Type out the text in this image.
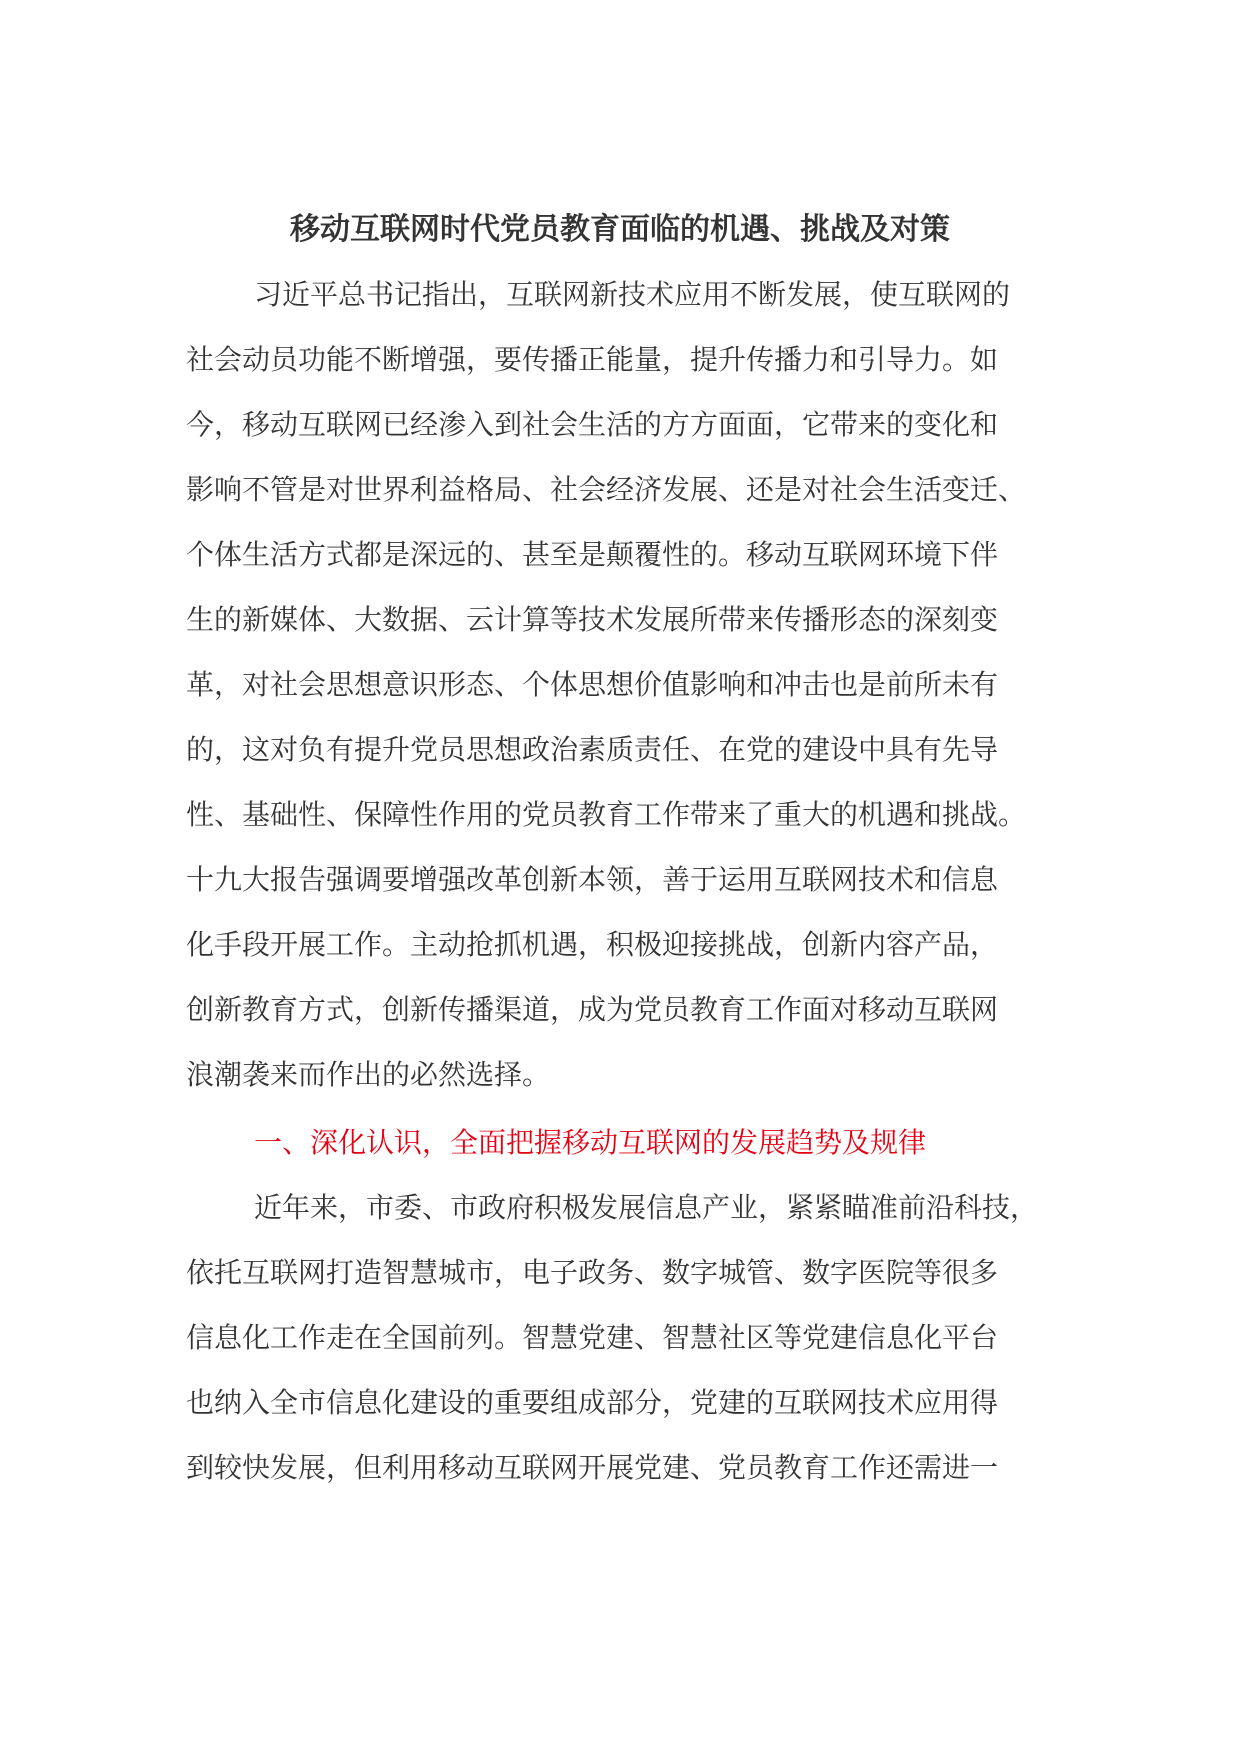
移动互联网时代党员教育面临的机遇、挑战及对策
习近平总书记指出，互联网新技术应用不断发展，使互联网的
社会动员功能不断增强，要传播正能量，提升传播力和引导力。如
今，移动互联网已经渗入到社会生活的方方面面，它带来的变化和
影响不管是对世界利益格局、社会经济发展、还是对社会生活变迁、
个体生活方式都是深远的、甚至是颠覆性的。移动互联网环境下伴
生的新媒体、大数据、云计算等技术发展所带来传播形态的深刻变
革，对社会思想意识形态、个体思想价值影响和冲击也是前所未有
的，这对负有提升党员思想政治素质责任、在党的建设中具有先导
性、基础性、保障性作用的党员教育工作带来了重大的机遇和挑战。
十九大报告强调要增强改革创新本领，善于运用互联网技术和信息
化手段开展工作。主动抢抓机遇，积极迎接挑战，创新内容产品，
创新教育方式，创新传播渠道，成为党员教育工作面对移动互联网
浪潮袭来而作出的必然选择。
一、深化认识，全面把握移动互联网的发展趋势及规律
近年来，市委、市政府积极发展信息产业，紧紧瞄准前沿科技，
依托互联网打造智慧城市，电子政务、数字城管、数字医院等很多
信息化工作走在全国前列。智慧党建、智慧社区等党建信息化平台
也纳入全市信息化建设的重要组成部分，党建的互联网技术应用得
到较快发展，但利用移动互联网开展党建、党员教育工作还需进一
